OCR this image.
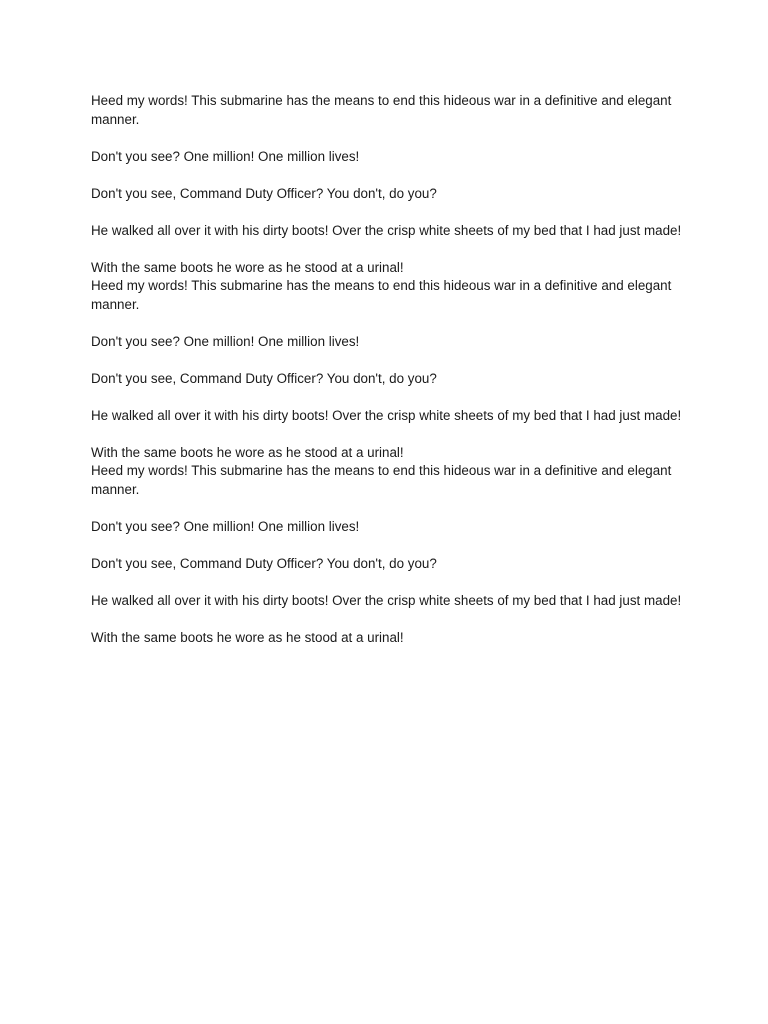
Heed my words! This submarine has the means to end this hideous war in a definitive and elegant manner.

Don't you see? One million! One million lives!

Don't you see, Command Duty Officer? You don't, do you?

He walked all over it with his dirty boots! Over the crisp white sheets of my bed that I had just made!

With the same boots he wore as he stood at a urinal!

Heed my words! This submarine has the means to end this hideous war in a definitive and elegant manner.

Don't you see? One million! One million lives!

Don't you see, Command Duty Officer? You don't, do you?

He walked all over it with his dirty boots! Over the crisp white sheets of my bed that I had just made!

With the same boots he wore as he stood at a urinal!

Heed my words! This submarine has the means to end this hideous war in a definitive and elegant manner.

Don't you see? One million! One million lives!

Don't you see, Command Duty Officer? You don't, do you?

He walked all over it with his dirty boots! Over the crisp white sheets of my bed that I had just made!

With the same boots he wore as he stood at a urinal!
